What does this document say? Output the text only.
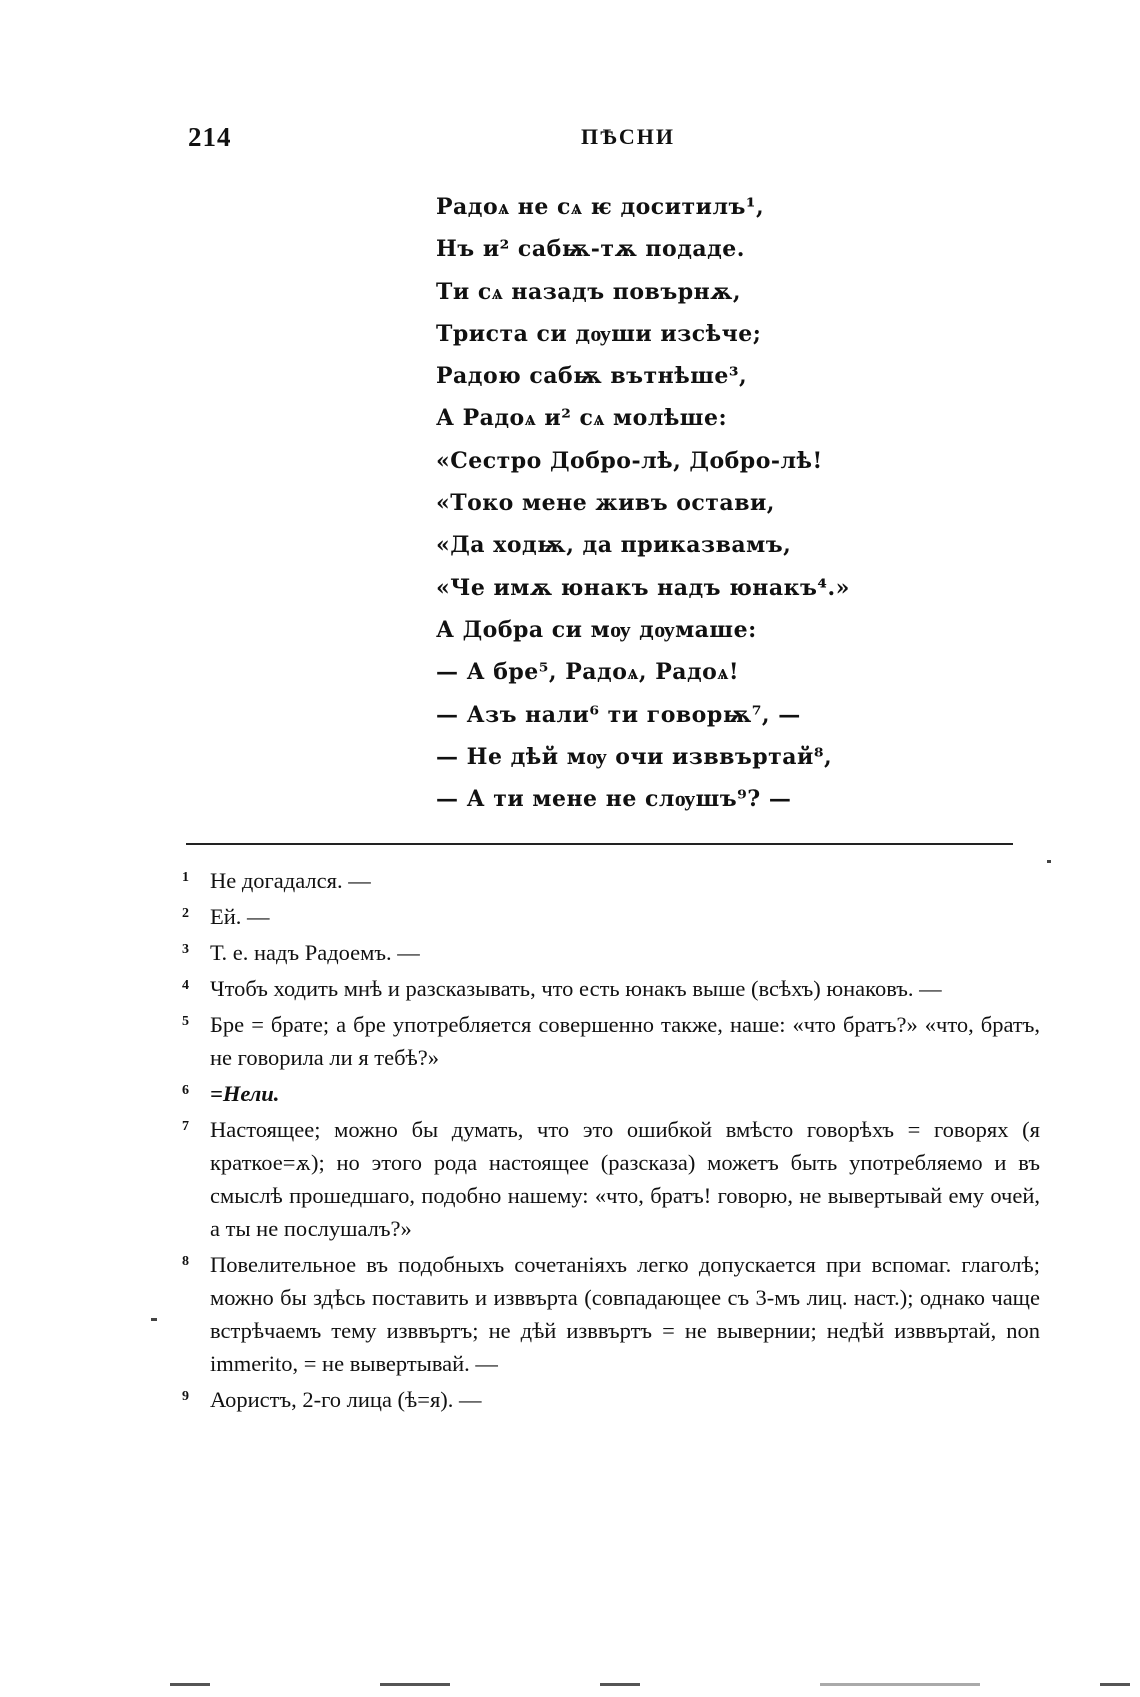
214	ПѢСНИ
Радоѧ не сѧ ѥ доситилъ¹,
Нъ и² сабѭ-тѫ подаде.
Ти сѧ назадъ повърнѫ,
Триста си дѹши изсѣче;
Радою сабѭ вътнѣше³,
А Радоѧ и² сѧ молѣше:
«Сестро Добро-лѣ, Добро-лѣ!
«Токо мене живъ остави,
«Да ходѭ, да приказвамъ,
«Че имѫ юнакъ надъ юнакъ⁴.»
А Добра си мѹ дѹмаше:
— А бре⁵, Радоѧ, Радоѧ!
— Азъ нали⁶ ти говорѭ⁷, —
— Не дѣй мѹ очи изввъртай⁸,
— А ти мене не слѹшъ⁹? —
1 Не догадался. —
2 Ей. —
3 Т. е. надъ Радоемъ. —
4 Чтобъ ходить мнѣ и разсказывать, что есть юнакъ выше (всѣхъ) юнаковъ. —
5 Бре = брате; а бре употребляется совершенно также, наше: «что братъ?» «что, братъ, не говорила ли я тебѣ?»
6 =Нели.
7 Настоящее; можно бы думать, что это ошибкой вмѣсто говорѣхъ = говорях (я краткое=ѫ); но этого рода настоящее (разсказа) можетъ быть употребляемо и въ смыслѣ прошедшаго, подобно нашему: «что, братъ! говорю, не вывертывай ему очей, а ты не послушалъ?»
8 Повелительное въ подобныхъ сочетаніяхъ легко допускается при вспомаг. глаголѣ; можно бы здѣсь поставить и изввърта (совпадающее съ 3-мъ лиц. наст.); однако чаще встрѣчаемъ тему изввъртъ; не дѣй изввъртъ = не вывернии; недѣй изввъртай, non immerito, = не вывертывай. —
9 Аористъ, 2-го лица (ѣ=я). —
